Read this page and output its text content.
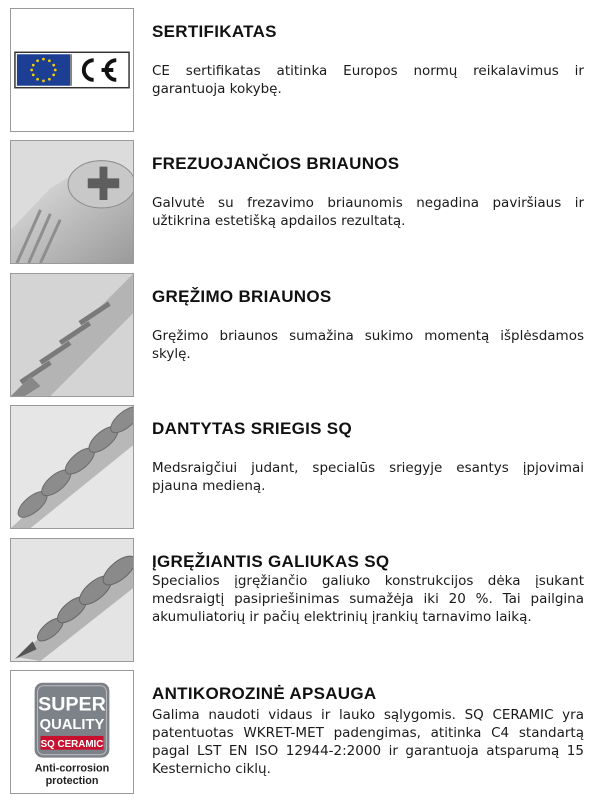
SERTIFIKATAS
CE sertifikatas atitinka Europos normų reikalavimus ir garantuoja kokybę.
FREZUOJANČIOS BRIAUNOS
Galvutė su frezavimo briaunomis negadina paviršiaus ir užtikrina estetišką apdailos rezultatą.
GRĘŽIMO BRIAUNOS
Gręžimo briaunos sumažina sukimo momentą išplėsdamos skylę.
DANTYTAS SRIEGIS SQ
Medsraigčiui judant, specialūs sriegyje esantys įpjovimai pjauna medieną.
ĮGRĘŽIANTIS GALIUKAS SQ
Specialios įgręžiančio galiuko konstrukcijos dėka įsukant medsraigtį pasipriešinimas sumažėja iki 20 %. Tai pailgina akumuliatorių ir pačių elektrinių įrankių tarnavimo laiką.
SUPER
QUALITY
SQ CERAMIC
Anti-corrosion
protection
ANTIKOROZINĖ APSAUGA
Galima naudoti vidaus ir lauko sąlygomis. SQ CERAMIC yra patentuotas WKRET-MET padengimas, atitinka C4 standartą pagal LST EN ISO 12944-2:2000 ir garantuoja atsparumą 15 Kesternicho ciklų.
